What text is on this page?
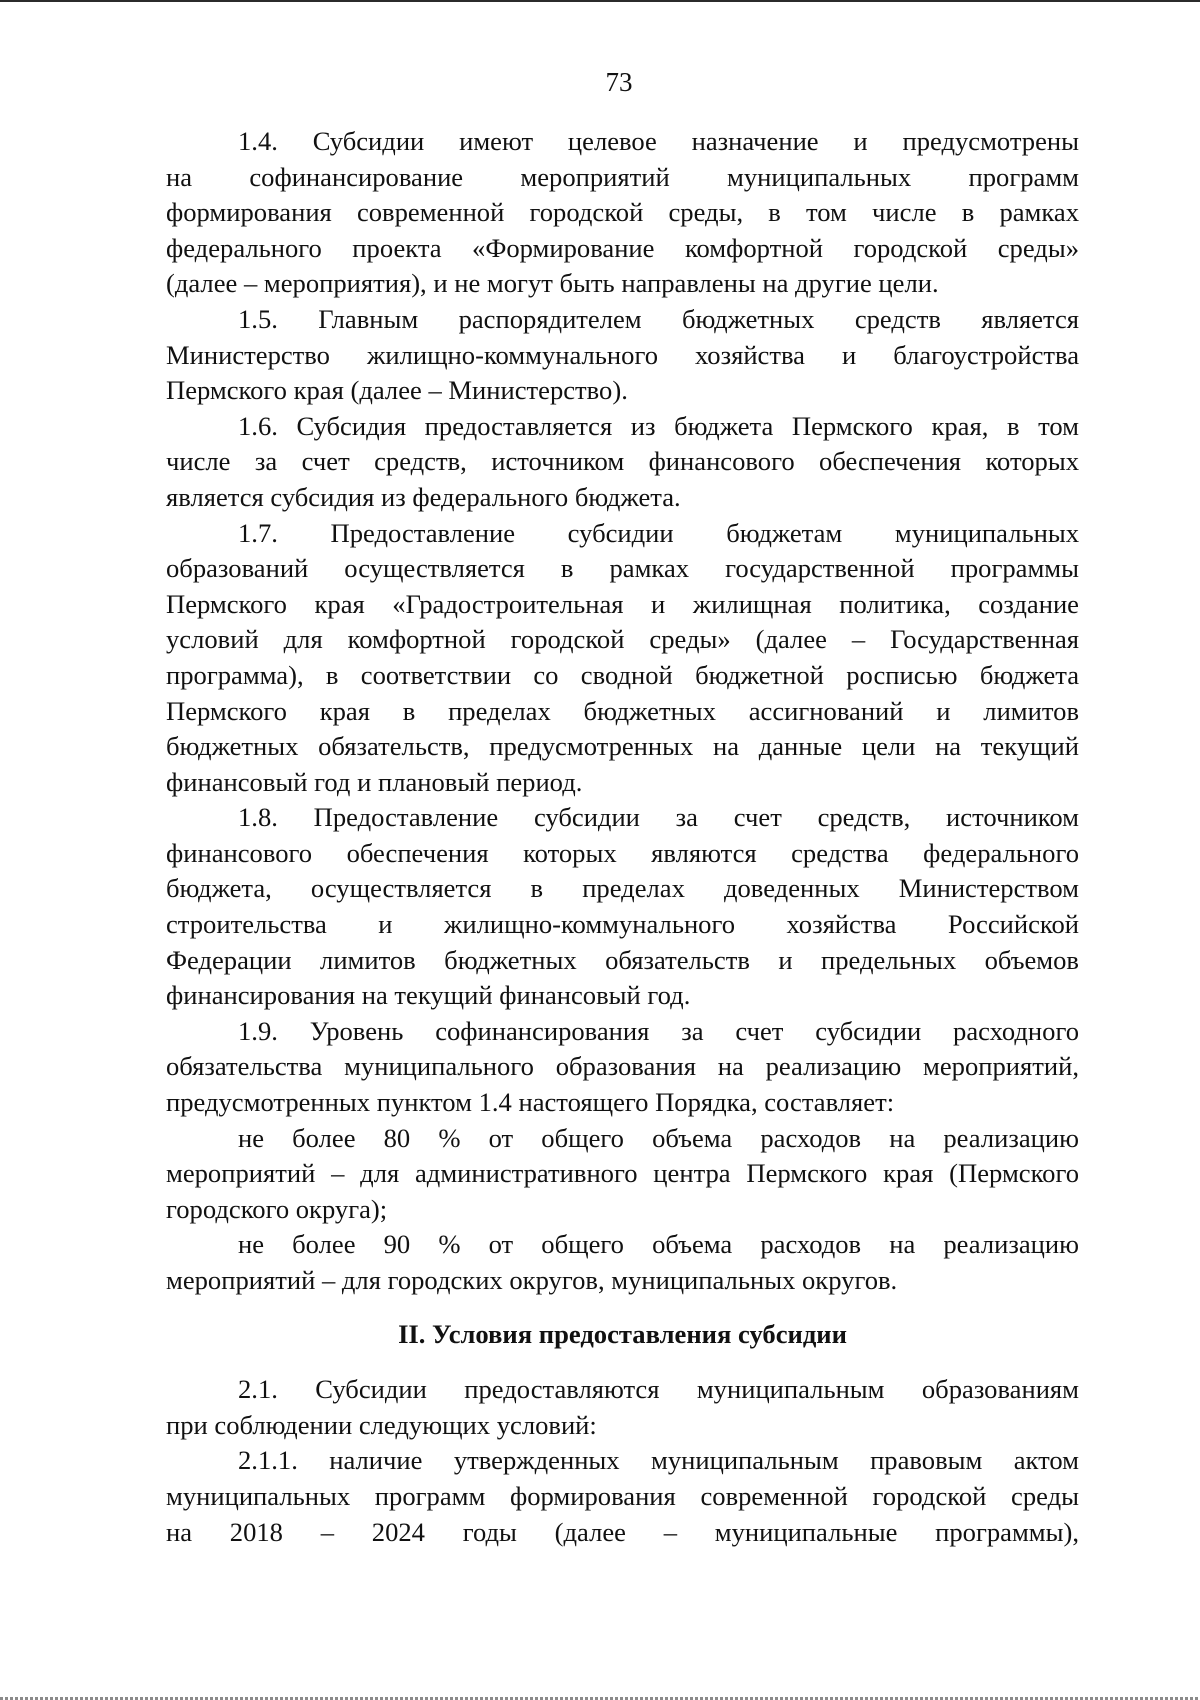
73
1.4. Субсидии имеют целевое назначение и предусмотрены
на софинансирование мероприятий муниципальных программ
формирования современной городской среды, в том числе в рамках
федерального проекта «Формирование комфортной городской среды»
(далее – мероприятия), и не могут быть направлены на другие цели.
1.5. Главным распорядителем бюджетных средств является
Министерство жилищно-коммунального хозяйства и благоустройства
Пермского края (далее – Министерство).
1.6. Субсидия предоставляется из бюджета Пермского края, в том
числе за счет средств, источником финансового обеспечения которых
является субсидия из федерального бюджета.
1.7. Предоставление субсидии бюджетам муниципальных
образований осуществляется в рамках государственной программы
Пермского края «Градостроительная и жилищная политика, создание
условий для комфортной городской среды» (далее – Государственная
программа), в соответствии со сводной бюджетной росписью бюджета
Пермского края в пределах бюджетных ассигнований и лимитов
бюджетных обязательств, предусмотренных на данные цели на текущий
финансовый год и плановый период.
1.8. Предоставление субсидии за счет средств, источником
финансового обеспечения которых являются средства федерального
бюджета, осуществляется в пределах доведенных Министерством
строительства и жилищно-коммунального хозяйства Российской
Федерации лимитов бюджетных обязательств и предельных объемов
финансирования на текущий финансовый год.
1.9. Уровень софинансирования за счет субсидии расходного
обязательства муниципального образования на реализацию мероприятий,
предусмотренных пунктом 1.4 настоящего Порядка, составляет:
не более 80 % от общего объема расходов на реализацию
мероприятий – для административного центра Пермского края (Пермского
городского округа);
не более 90 % от общего объема расходов на реализацию
мероприятий – для городских округов, муниципальных округов.
II. Условия предоставления субсидии
2.1. Субсидии предоставляются муниципальным образованиям
при соблюдении следующих условий:
2.1.1. наличие утвержденных муниципальным правовым актом
муниципальных программ формирования современной городской среды
на 2018 – 2024 годы (далее – муниципальные программы),
